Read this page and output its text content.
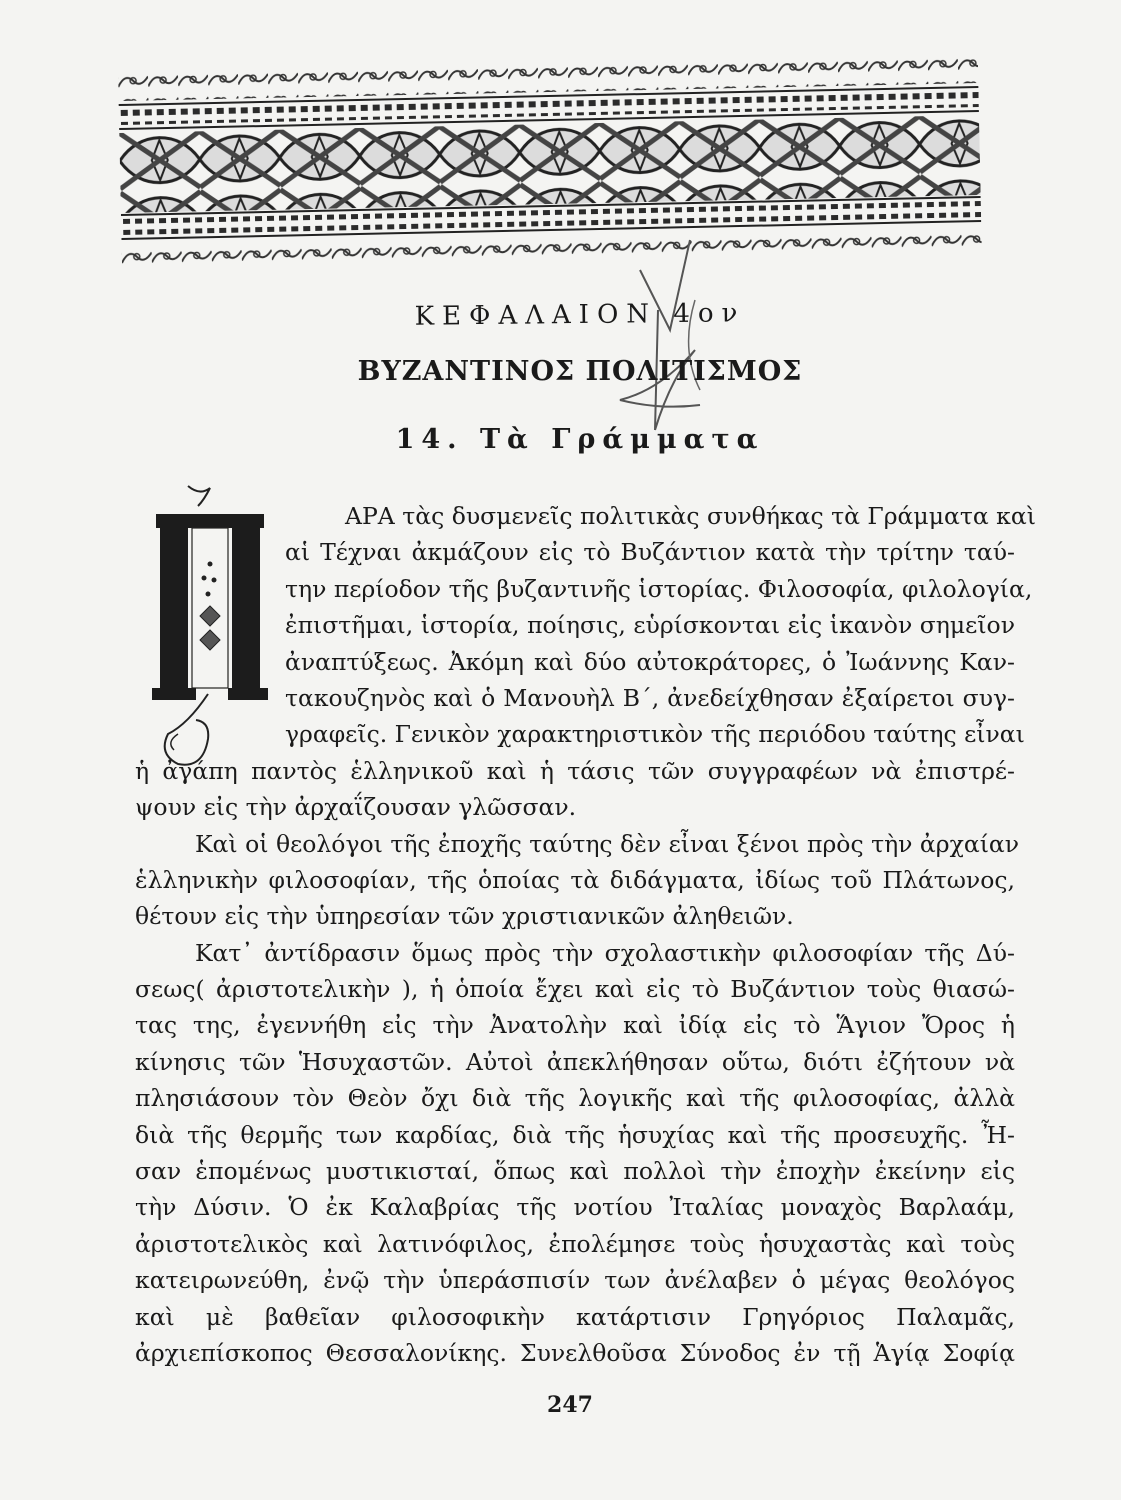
ΚΕΦΑΛΑΙΟΝ 4ον
ΒΥΖΑΝΤΙΝΟΣ ΠΟΛΙΤΙΣΜΟΣ
14. Τὰ Γράμματα
ΑΡΑ τὰς δυσμενεῖς πολιτικὰς συνθήκας τὰ Γράμματα καὶ
αἱ Τέχναι ἀκμάζουν εἰς τὸ Βυζάντιον κατὰ τὴν τρίτην ταύ-
την περίοδον τῆς βυζαντινῆς ἱστορίας. Φιλοσοφία, φιλολογία,
ἐπιστῆμαι, ἱστορία, ποίησις, εὑρίσκονται εἰς ἱκανὸν σημεῖον
ἀναπτύξεως. Ἀκόμη καὶ δύο αὐτοκράτορες, ὁ Ἰωάννης Καν-
τακουζηνὸς καὶ ὁ Μανουὴλ Β΄, ἀνεδείχθησαν ἐξαίρετοι συγ-
γραφεῖς. Γενικὸν χαρακτηριστικὸν τῆς περιόδου ταύτης εἶναι
ἡ ἀγάπη παντὸς ἑλληνικοῦ καὶ ἡ τάσις τῶν συγγραφέων νὰ ἐπιστρέ-
ψουν εἰς τὴν ἀρχαΐζουσαν γλῶσσαν.
Καὶ οἱ θεολόγοι τῆς ἐποχῆς ταύτης δὲν εἶναι ξένοι πρὸς τὴν ἀρχαίαν
ἑλληνικὴν φιλοσοφίαν, τῆς ὁποίας τὰ διδάγματα, ἰδίως τοῦ Πλάτωνος,
θέτουν εἰς τὴν ὑπηρεσίαν τῶν χριστιανικῶν ἀληθειῶν.
Κατ᾽ ἀντίδρασιν ὅμως πρὸς τὴν σχολαστικὴν φιλοσοφίαν τῆς Δύ-
σεως( ἀριστοτελικὴν ), ἡ ὁποία ἔχει καὶ εἰς τὸ Βυζάντιον τοὺς θιασώ-
τας της, ἐγεννήθη εἰς τὴν Ἀνατολὴν καὶ ἰδίᾳ εἰς τὸ Ἅγιον Ὄρος ἡ
κίνησις τῶν Ἡσυχαστῶν. Αὐτοὶ ἀπεκλήθησαν οὕτω, διότι ἐζήτουν νὰ
πλησιάσουν τὸν Θεὸν ὄχι διὰ τῆς λογικῆς καὶ τῆς φιλοσοφίας, ἀλλὰ
διὰ τῆς θερμῆς των καρδίας, διὰ τῆς ἡσυχίας καὶ τῆς προσευχῆς. Ἦ-
σαν ἑπομένως μυστικισταί, ὅπως καὶ πολλοὶ τὴν ἐποχὴν ἐκείνην εἰς
τὴν Δύσιν. Ὁ ἐκ Καλαβρίας τῆς νοτίου Ἰταλίας μοναχὸς Βαρλαάμ,
ἀριστοτελικὸς καὶ λατινόφιλος, ἐπολέμησε τοὺς ἡσυχαστὰς καὶ τοὺς
κατειρωνεύθη, ἐνῷ τὴν ὑπεράσπισίν των ἀνέλαβεν ὁ μέγας θεολόγος
καὶ μὲ βαθεῖαν φιλοσοφικὴν κατάρτισιν Γρηγόριος Παλαμᾶς,
ἀρχιεπίσκοπος Θεσσαλονίκης. Συνελθοῦσα Σύνοδος ἐν τῇ Ἁγίᾳ Σοφίᾳ
247
